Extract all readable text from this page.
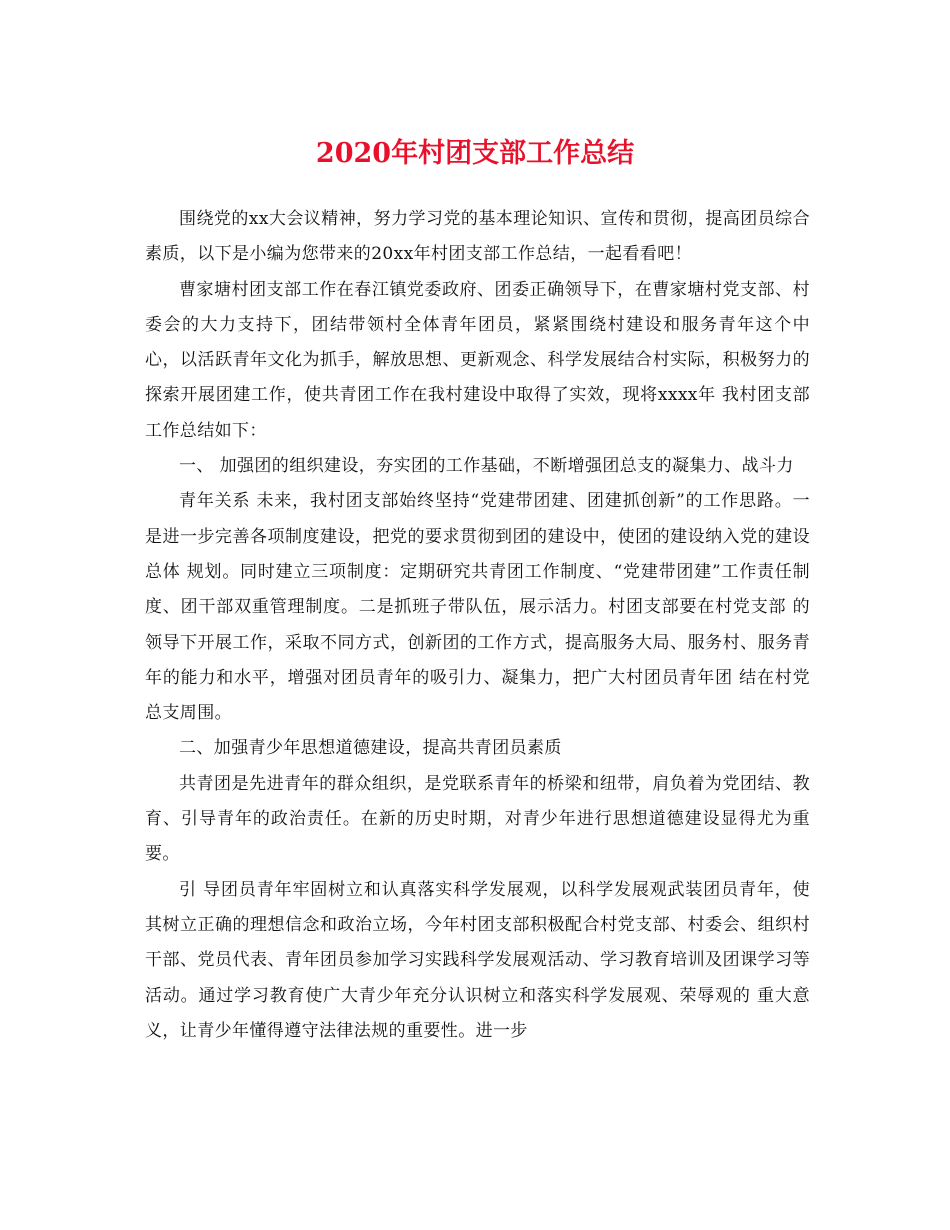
2020年村团支部工作总结

围绕党的xx大会议精神，努力学习党的基本理论知识、宣传和贯彻，提高团员综合素质，以下是小编为您带来的20xx年村团支部工作总结，一起看看吧！

曹家塘村团支部工作在春江镇党委政府、团委正确领导下，在曹家塘村党支部、村委会的大力支持下，团结带领村全体青年团员，紧紧围绕村建设和服务青年这个中 心，以活跃青年文化为抓手，解放思想、更新观念、科学发展结合村实际，积极努力的探索开展团建工作，使共青团工作在我村建设中取得了实效，现将xxxx年 我村团支部工作总结如下：

一、 加强团的组织建设，夯实团的工作基础，不断增强团总支的凝集力、战斗力

青年关系 未来，我村团支部始终坚持“党建带团建、团建抓创新”的工作思路。一是进一步完善各项制度建设，把党的要求贯彻到团的建设中，使团的建设纳入党的建设总体 规划。同时建立三项制度：定期研究共青团工作制度、“党建带团建”工作责任制度、团干部双重管理制度。二是抓班子带队伍，展示活力。村团支部要在村党支部 的领导下开展工作，采取不同方式，创新团的工作方式，提高服务大局、服务村、服务青年的能力和水平，增强对团员青年的吸引力、凝集力，把广大村团员青年团 结在村党总支周围。

二、加强青少年思想道德建设，提高共青团员素质

共青团是先进青年的群众组织，是党联系青年的桥梁和纽带，肩负着为党团结、教育、引导青年的政治责任。在新的历史时期，对青少年进行思想道德建设显得尤为重要。

引 导团员青年牢固树立和认真落实科学发展观，以科学发展观武装团员青年，使其树立正确的理想信念和政治立场，今年村团支部积极配合村党支部、村委会、组织村 干部、党员代表、青年团员参加学习实践科学发展观活动、学习教育培训及团课学习等活动。通过学习教育使广大青少年充分认识树立和落实科学发展观、荣辱观的 重大意义，让青少年懂得遵守法律法规的重要性。进一步
